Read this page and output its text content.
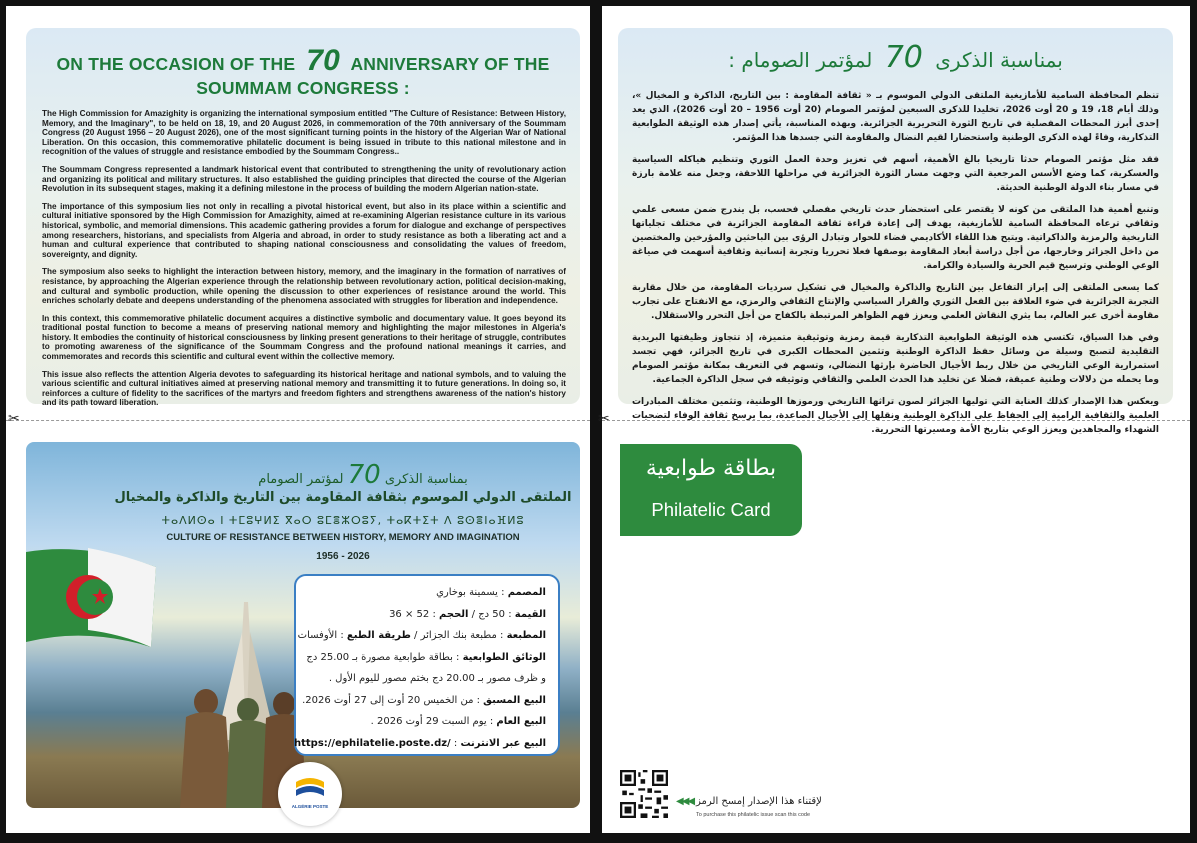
ON THE OCCASION OF THE 70 ANNIVERSARY OF THE SOUMMAM CONGRESS :

The High Commission for Amazighity is organizing the international symposium entitled "The Culture of Resistance: Between History, Memory, and the Imaginary", to be held on 18, 19, and 20 August 2026, in commemoration of the 70th anniversary of the Soummam Congress (20 August 1956 – 20 August 2026), one of the most significant turning points in the history of the Algerian War of National Liberation. On this occasion, this commemorative philatelic document is being issued in tribute to this national milestone and in recognition of the values of struggle and resistance embodied by the Soummam Congress..

The Soummam Congress represented a landmark historical event that contributed to strengthening the unity of revolutionary action and organizing its political and military structures. It also established the guiding principles that directed the course of the Algerian Revolution in its subsequent stages, making it a defining milestone in the process of building the modern Algerian nation-state.

The importance of this symposium lies not only in recalling a pivotal historical event, but also in its place within a scientific and cultural initiative sponsored by the High Commission for Amazighity, aimed at re-examining Algerian resistance culture in its various historical, symbolic, and memorial dimensions. This academic gathering provides a forum for dialogue and exchange of perspectives among researchers, historians, and specialists from Algeria and abroad, in order to study resistance as both a liberating act and a human and cultural experience that contributed to shaping national consciousness and consolidating the values of freedom, sovereignty, and dignity.

The symposium also seeks to highlight the interaction between history, memory, and the imaginary in the formation of narratives of resistance, by approaching the Algerian experience through the relationship between revolutionary action, political decision-making, and cultural and symbolic production, while opening the discussion to other experiences of resistance around the world. This enriches scholarly debate and deepens understanding of the phenomena associated with struggles for liberation and independence.

In this context, this commemorative philatelic document acquires a distinctive symbolic and documentary value. It goes beyond its traditional postal function to become a means of preserving national memory and highlighting the major milestones in Algeria's history. It embodies the continuity of historical consciousness by linking present generations to their heritage of struggle, contributes to promoting awareness of the significance of the Soummam Congress and the profound national meanings it carries, and commemorates and records this scientific and cultural event within the collective memory.

This issue also reflects the attention Algeria devotes to safeguarding its historical heritage and national symbols, and to valuing the various scientific and cultural initiatives aimed at preserving national memory and transmitting it to future generations. In doing so, it reinforces a culture of fidelity to the sacrifices of the martyrs and freedom fighters and strengthens awareness of the nation's history and its path toward liberation.

✂
بمناسبة الذكرى 70 لمؤتمر الصومام
الملتقى الدولي الموسوم بثقافة المقاومة بين التاريخ والذاكرة والمخيال
ⵜⴰⴷⵍⵙⴰ ⵏ ⵜⵎⵓⵖⵍⵉ ⴳⴰⵔ ⵓⵎⴻⵣⵔⵓⵢ, ⵜⴰⴽⵜⵉⵜ ⴷ ⵓⵙⴻⵏⴰⴼⵍⵓ
CULTURE OF RESISTANCE BETWEEN HISTORY, MEMORY AND IMAGINATION
1956 - 2026
المصمم : يسمينة بوخاري
القيمة : 50 دج / الحجم : 52 × 36
المطبعة : مطبعة بنك الجزائر / طريقة الطبع : الأوفسات
الوثائق الطوابعية : بطاقة طوابعية مصورة بـ 25.00 دج
و ظرف مصور بـ 20.00 دج بختم مصور لليوم الأول .
البيع المسبق : من الخميس 20 أوت إلى 27 أوت 2026.
البيع العام : يوم السبت 29 أوت 2026 .
البيع عبر الانترنت : https://ephilatelie.poste.dz/
ALGÉRIE POSTE
بمناسبة الذكرى 70 لمؤتمر الصومام :

تنظم المحافظة السامية للأمازيغية الملتقى الدولي الموسوم بـ « ثقافة المقاومة : بين التاريخ، الذاكرة و المخيال »، وذلك أيام 18، 19 و 20 أوت 2026، تخليدا للذكرى السبعين لمؤتمر الصومام (20 أوت 1956 – 20 أوت 2026)، الذي يعد إحدى أبرز المحطات المفصلية في تاريخ الثورة التحريرية الجزائرية. وبهذه المناسبة، يأتي إصدار هذه الوثيقة الطوابعية التذكارية، وفاءً لهذه الذكرى الوطنية واستحضارا لقيم النضال والمقاومة التي جسدها هذا المؤتمر.

فقد مثل مؤتمر الصومام حدثا تاريخيا بالغ الأهمية، أسهم في تعزيز وحدة العمل الثوري وتنظيم هياكله السياسية والعسكرية، كما وضع الأسس المرجعية التي وجهت مسار الثورة الجزائرية في مراحلها اللاحقة، وجعل منه علامة بارزة في مسار بناء الدولة الوطنية الحديثة.

وتنبع أهمية هذا الملتقى من كونه لا يقتصر على استحضار حدث تاريخي مفصلي فحسب، بل يندرج ضمن مسعى علمي وثقافي ترعاه المحافظة السامية للأمازيغية، يهدف إلى إعادة قراءة ثقافة المقاومة الجزائرية في مختلف تجلياتها التاريخية والرمزية والذاكراتية. ويتيح هذا اللقاء الأكاديمي فضاء للحوار وتبادل الرؤى بين الباحثين والمؤرخين والمختصين من داخل الجزائر وخارجها، من أجل دراسة أبعاد المقاومة بوصفها فعلا تحرريا وتجربة إنسانية وثقافية أسهمت في صياغة الوعي الوطني وترسيخ قيم الحرية والسيادة والكرامة.

كما يسعى الملتقى إلى إبراز التفاعل بين التاريخ والذاكرة والمخيال في تشكيل سرديات المقاومة، من خلال مقاربة التجربة الجزائرية في ضوء العلاقة بين الفعل الثوري والقرار السياسي والإنتاج الثقافي والرمزي، مع الانفتاح على تجارب مقاومة أخرى عبر العالم، بما يثري النقاش العلمي ويعزز فهم الظواهر المرتبطة بالكفاح من أجل التحرر والاستقلال.

وفي هذا السياق، تكتسي هذه الوثيقة الطوابعية التذكارية قيمة رمزية وتوثيقية متميزة، إذ تتجاوز وظيفتها البريدية التقليدية لتصبح وسيلة من وسائل حفظ الذاكرة الوطنية وتثمين المحطات الكبرى في تاريخ الجزائر، فهي تجسد استمرارية الوعي التاريخي من خلال ربط الأجيال الحاضرة بإرثها النضالي، وتسهم في التعريف بمكانة مؤتمر الصومام وما يحمله من دلالات وطنية عميقة، فضلا عن تخليد هذا الحدث العلمي والثقافي وتوثيقه في سجل الذاكرة الجماعية.

ويعكس هذا الإصدار كذلك العناية التي توليها الجزائر لصون تراثها التاريخي ورموزها الوطنية، وتثمين مختلف المبادرات العلمية والثقافية الرامية إلى الحفاظ على الذاكرة الوطنية ونقلها إلى الأجيال الصاعدة، بما يرسخ ثقافة الوفاء لتضحيات الشهداء والمجاهدين ويعزز الوعي بتاريخ الأمة ومسيرتها التحررية.

✂
بطاقة طوابعية
Philatelic Card
◀◀◀ لإقتناء هذا الإصدار إمسح الرمز
To purchase this philatelic issue scan this code
